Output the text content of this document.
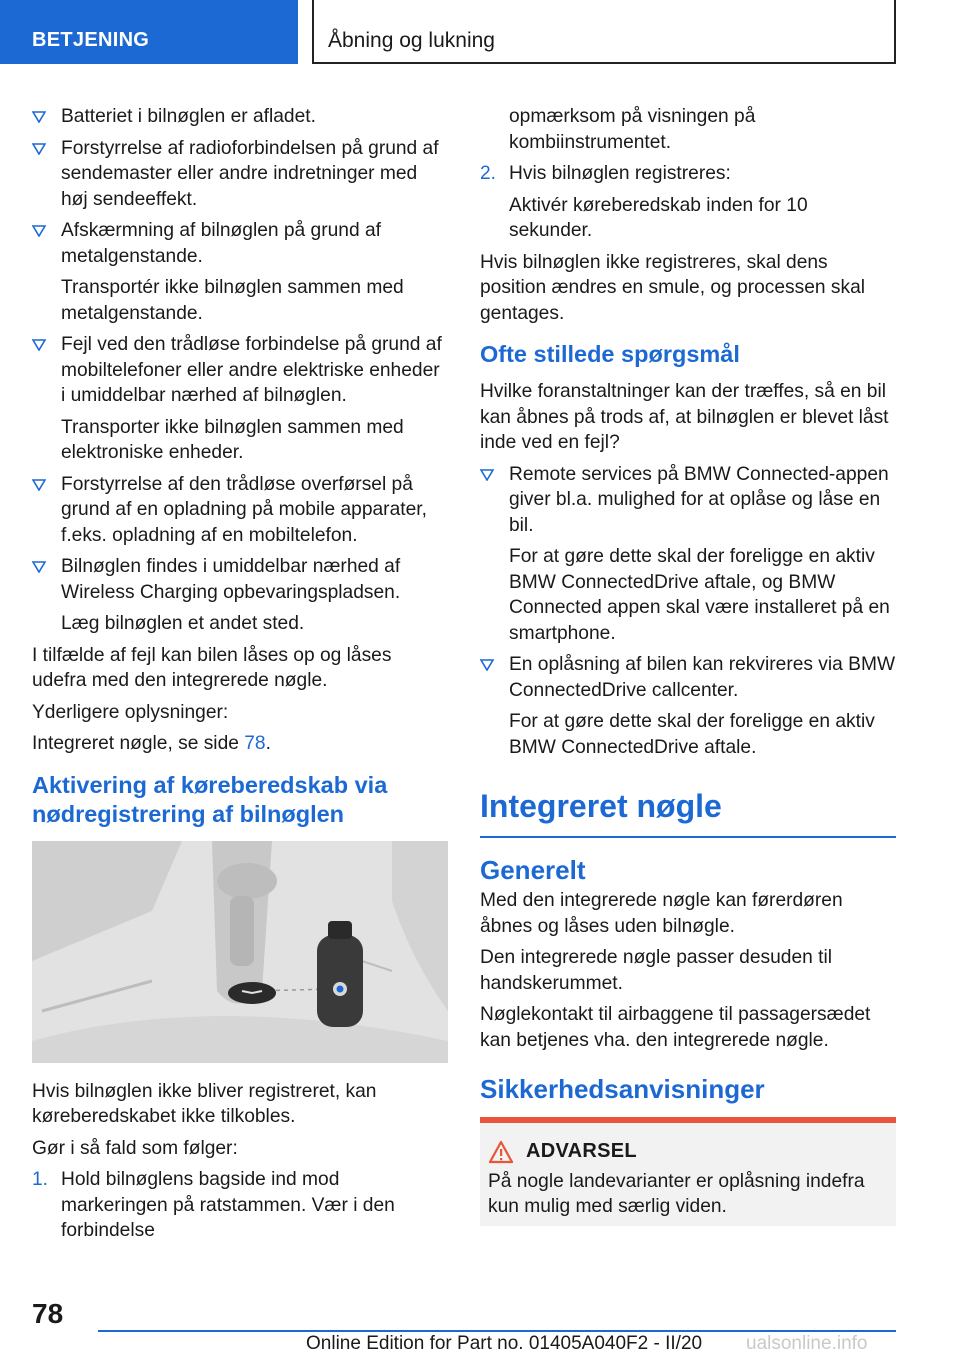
BETJENING	Åbning og lukning
Batteriet i bilnøglen er afladet.
Forstyrrelse af radioforbindelsen på grund af sendemaster eller andre indretninger med høj sendeeffekt.
Afskærmning af bilnøglen på grund af metalgenstande.
Transportér ikke bilnøglen sammen med metalgenstande.
Fejl ved den trådløse forbindelse på grund af mobiltelefoner eller andre elektriske enheder i umiddelbar nærhed af bilnøglen.
Transporter ikke bilnøglen sammen med elektroniske enheder.
Forstyrrelse af den trådløse overførsel på grund af en opladning på mobile apparater, f.eks. opladning af en mobiltelefon.
Bilnøglen findes i umiddelbar nærhed af Wireless Charging opbevaringspladsen.
Læg bilnøglen et andet sted.
I tilfælde af fejl kan bilen låses op og låses udefra med den integrerede nøgle.
Yderligere oplysninger:
Integreret nøgle, se side 78.
Aktivering af køreberedskab via nødregistrering af bilnøglen
Hvis bilnøglen ikke bliver registreret, kan køreberedskabet ikke tilkobles.
Gør i så fald som følger:
1. Hold bilnøglens bagside ind mod markeringen på ratstammen. Vær i den forbindelse
opmærksom på visningen på kombiinstrumentet.
2. Hvis bilnøglen registreres:
Aktivér køreberedskab inden for 10 sekunder.
Hvis bilnøglen ikke registreres, skal dens position ændres en smule, og processen skal gentages.
Ofte stillede spørgsmål
Hvilke foranstaltninger kan der træffes, så en bil kan åbnes på trods af, at bilnøglen er blevet låst inde ved en fejl?
Remote services på BMW Connected-appen giver bl.a. mulighed for at oplåse og låse en bil.
For at gøre dette skal der foreligge en aktiv BMW ConnectedDrive aftale, og BMW Connected appen skal være installeret på en smartphone.
En oplåsning af bilen kan rekvireres via BMW ConnectedDrive callcenter.
For at gøre dette skal der foreligge en aktiv BMW ConnectedDrive aftale.
Integreret nøgle
Generelt
Med den integrerede nøgle kan førerdøren åbnes og låses uden bilnøgle.
Den integrerede nøgle passer desuden til handskerummet.
Nøglekontakt til airbaggene til passagersædet kan betjenes vha. den integrerede nøgle.
Sikkerhedsanvisninger
ADVARSEL
På nogle landevarianter er oplåsning indefra kun mulig med særlig viden.
78
Online Edition for Part no. 01405A040F2 - II/20 ualsonline.info
